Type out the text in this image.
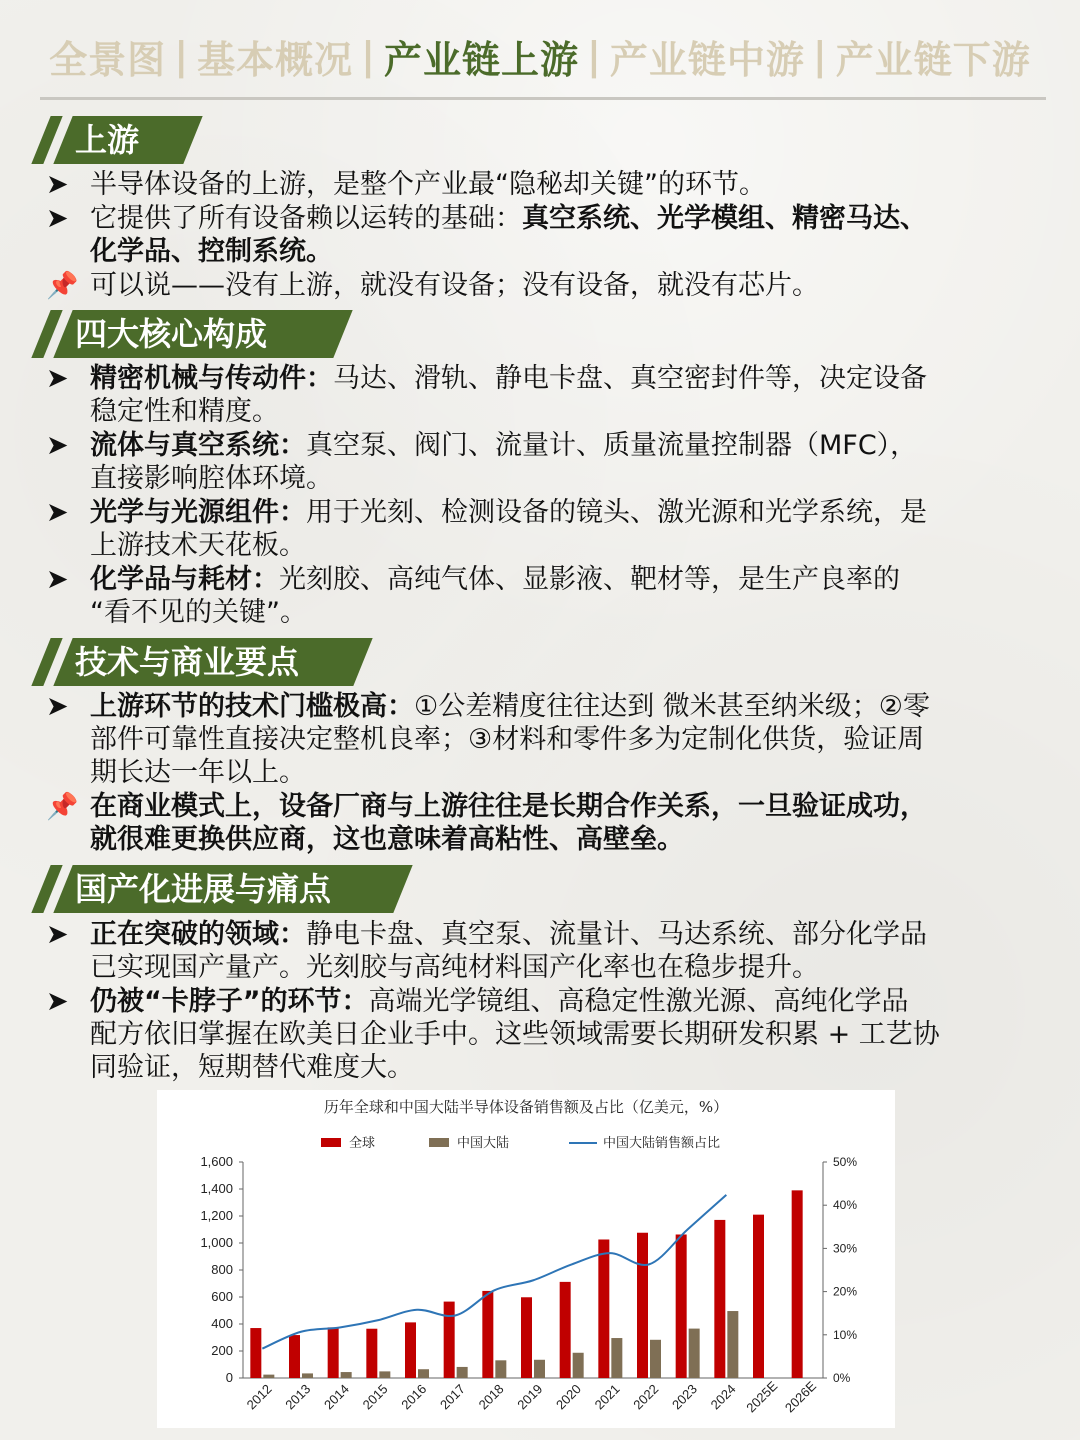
全景图 | 基本概况 | 产业链上游 | 产业链中游 | 产业链下游
上游
➤ 半导体设备的上游，是整个产业最“隐秘却关键”的环节。
➤ 它提供了所有设备赖以运转的基础：真空系统、光学模组、精密马达、
化学品、控制系统。
📌 可以说——没有上游，就没有设备；没有设备，就没有芯片。
四大核心构成
➤ 精密机械与传动件：马达、滑轨、静电卡盘、真空密封件等，决定设备
稳定性和精度。
➤ 流体与真空系统：真空泵、阀门、流量计、质量流量控制器（MFC），
直接影响腔体环境。
➤ 光学与光源组件：用于光刻、检测设备的镜头、激光源和光学系统，是
上游技术天花板。
➤ 化学品与耗材：光刻胶、高纯气体、显影液、靶材等，是生产良率的
“看不见的关键”。
技术与商业要点
➤ 上游环节的技术门槛极高：①公差精度往往达到 微米甚至纳米级；②零
部件可靠性直接决定整机良率；③材料和零件多为定制化供货，验证周
期长达一年以上。
📌 在商业模式上，设备厂商与上游往往是长期合作关系，一旦验证成功，
就很难更换供应商，这也意味着高粘性、高壁垒。
国产化进展与痛点
➤ 正在突破的领域：静电卡盘、真空泵、流量计、马达系统、部分化学品
已实现国产量产。光刻胶与高纯材料国产化率也在稳步提升。
➤ 仍被“卡脖子”的环节：高端光学镜组、高稳定性激光源、高纯化学品
配方依旧掌握在欧美日企业手中。这些领域需要长期研发积累 + 工艺协
同验证，短期替代难度大。
历年全球和中国大陆半导体设备销售额及占比（亿美元，%）
全球	中国大陆	中国大陆销售额占比
0
200
400
600
800
1,000
1,200
1,400
1,600
0%
10%
20%
30%
40%
50%
2012 2013 2014 2015 2016 2017 2018 2019 2020 2021 2022 2023 2024 2025E 2026E
